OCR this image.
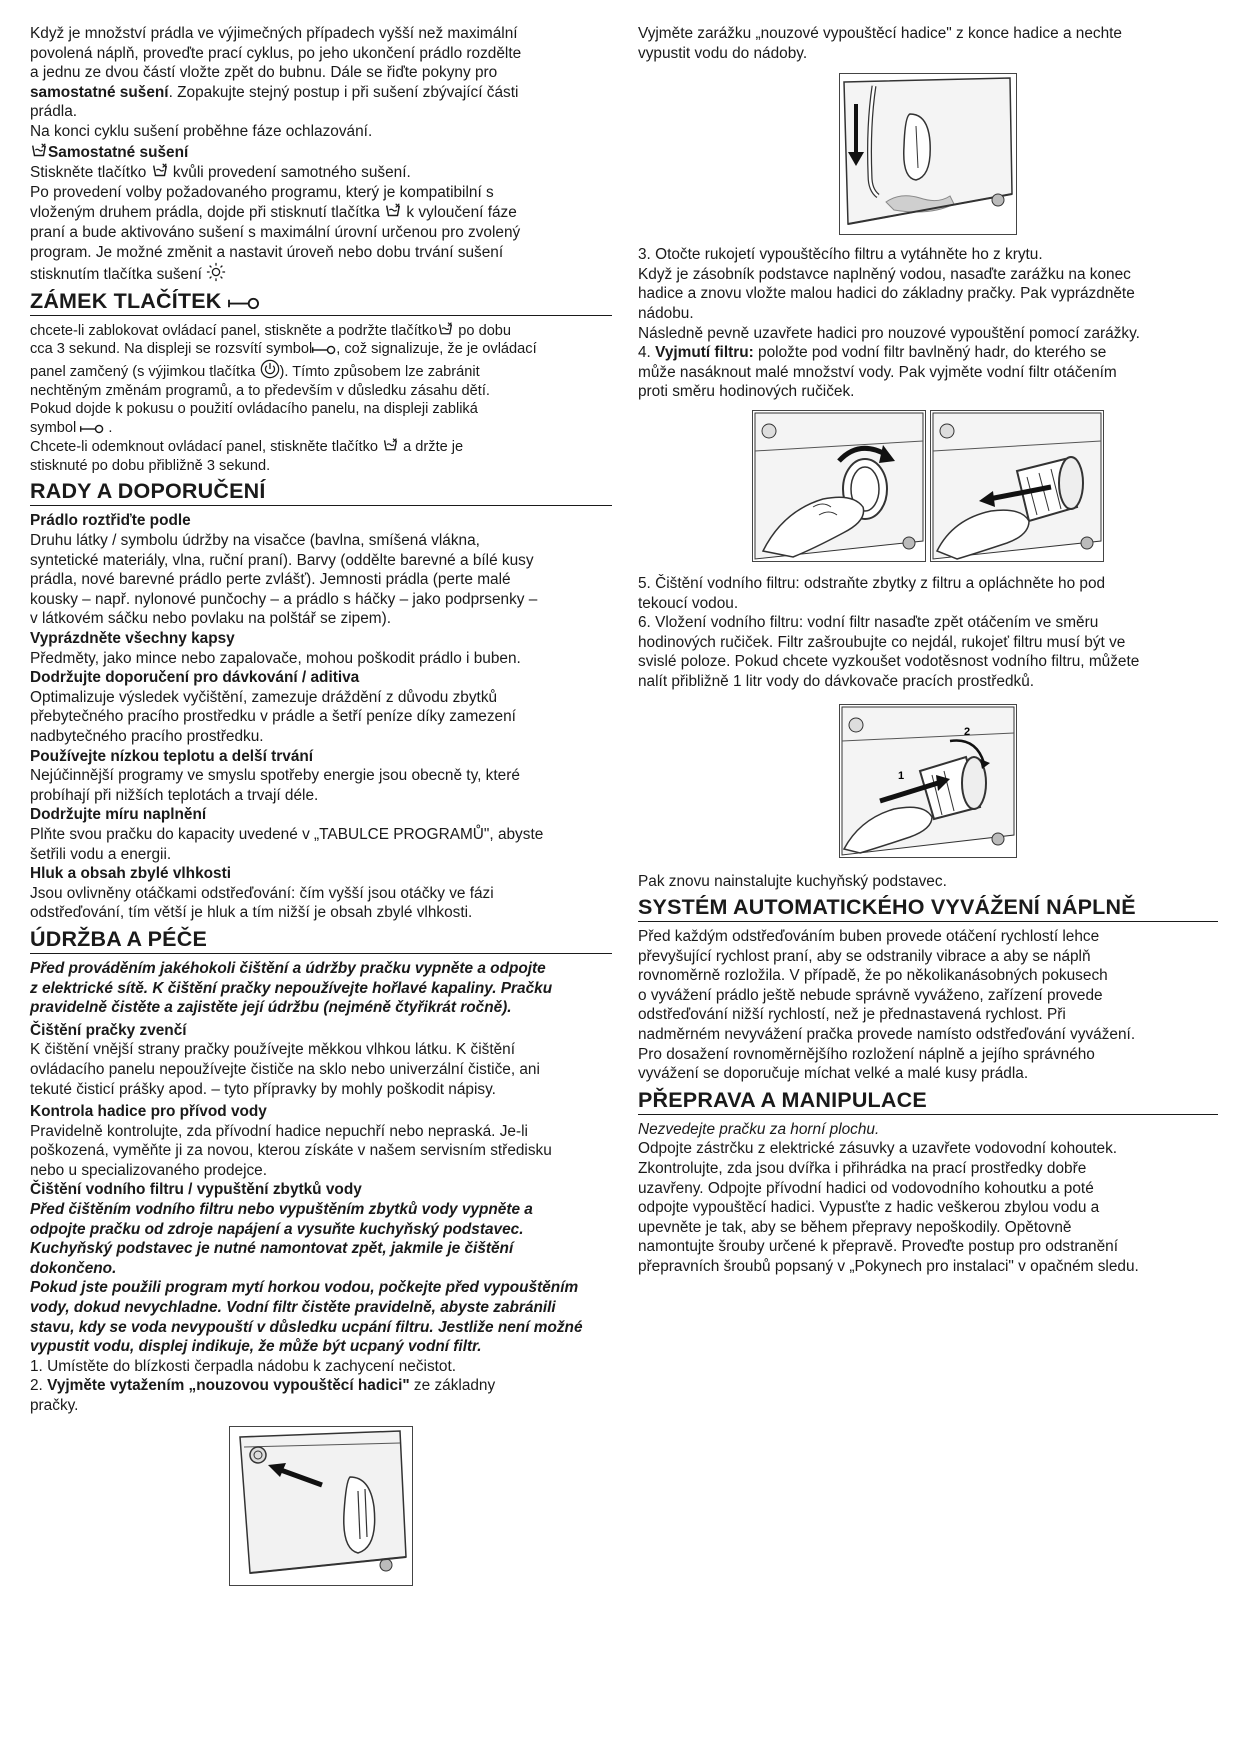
Když je množství prádla ve výjimečných případech vyšší než maximální

povolená náplň, proveďte prací cyklus, po jeho ukončení prádlo rozdělte

a jednu ze dvou částí vložte zpět do bubnu. Dále se řiďte pokyny pro

samostatné sušení. Zopakujte stejný postup i při sušení zbývající části

prádla.

Na konci cyklu sušení proběhne fáze ochlazování.

Samostatné sušení

Stiskněte tlačítko  kvůli provedení samotného sušení.

Po provedení volby požadovaného programu, který je kompatibilní s

vloženým druhem prádla, dojde při stisknutí tlačítka  k vyloučení fáze

praní a bude aktivováno sušení s maximální úrovní určenou pro zvolený

program. Je možné změnit a nastavit úroveň nebo dobu trvání sušení

stisknutím tlačítka sušení

ZÁMEK TLAČÍTEK

chcete-li zablokovat ovládací panel, stiskněte a podržte tlačítko po dobu

cca 3 sekund. Na displeji se rozsvítí symbol , což signalizuje, že je ovládací

panel zamčený (s výjimkou tlačítka ). Tímto způsobem lze zabránit

nechtěným změnám programů, a to především v důsledku zásahu dětí.

Pokud dojde k pokusu o použití ovládacího panelu, na displeji zabliká

symbol  .

Chcete-li odemknout ovládací panel, stiskněte tlačítko  a držte je

stisknuté po dobu přibližně 3 sekund.

RADY A DOPORUČENÍ

Prádlo roztřiďte podle

Druhu látky / symbolu údržby na visačce (bavlna, smíšená vlákna,

syntetické materiály, vlna, ruční praní). Barvy (oddělte barevné a bílé kusy

prádla, nové barevné prádlo perte zvlášť). Jemnosti prádla (perte malé

kousky – např. nylonové punčochy – a prádlo s háčky – jako podprsenky –

v látkovém sáčku nebo povlaku na polštář se zipem).

Vyprázdněte všechny kapsy

Předměty, jako mince nebo zapalovače, mohou poškodit prádlo i buben.

Dodržujte doporučení pro dávkování / aditiva

Optimalizuje výsledek vyčištění, zamezuje dráždění z důvodu zbytků

přebytečného pracího prostředku v prádle a šetří peníze díky zamezení

nadbytečného pracího prostředku.

Používejte nízkou teplotu a delší trvání

Nejúčinnější programy ve smyslu spotřeby energie jsou obecně ty, které

probíhají při nižších teplotách a trvají déle.

Dodržujte míru naplnění

Plňte svou pračku do kapacity uvedené v „TABULCE PROGRAMŮ", abyste

šetřili vodu a energii.

Hluk a obsah zbylé vlhkosti

Jsou ovlivněny otáčkami odstřeďování: čím vyšší jsou otáčky ve fázi

odstřeďování, tím větší je hluk a tím nižší je obsah zbylé vlhkosti.

ÚDRŽBA A PÉČE

Před prováděním jakéhokoli čištění a údržby pračku vypněte a odpojte

z elektrické sítě. K čištění pračky nepoužívejte hořlavé kapaliny. Pračku

pravidelně čistěte a zajistěte její údržbu (nejméně čtyřikrát ročně).

Čištění pračky zvenčí

K čištění vnější strany pračky používejte měkkou vlhkou látku. K čištění

ovládacího panelu nepoužívejte čističe na sklo nebo univerzální čističe, ani

tekuté čisticí prášky apod. – tyto přípravky by mohly poškodit nápisy.

Kontrola hadice pro přívod vody

Pravidelně kontrolujte, zda přívodní hadice nepuchří nebo nepraská. Je-li

poškozená, vyměňte ji za novou, kterou získáte v našem servisním středisku

nebo u specializovaného prodejce.

Čištění vodního filtru / vypuštění zbytků vody

Před čištěním vodního filtru nebo vypuštěním zbytků vody vypněte a

odpojte pračku od zdroje napájení a vysuňte kuchyňský podstavec.

Kuchyňský podstavec je nutné namontovat zpět, jakmile je čištění

dokončeno.

Pokud jste použili program mytí horkou vodou, počkejte před vypouštěním

vody, dokud nevychladne. Vodní filtr čistěte pravidelně, abyste zabránili

stavu, kdy se voda nevypouští v důsledku ucpání filtru. Jestliže není možné

vypustit vodu, displej indikuje, že může být ucpaný vodní filtr.

1. Umístěte do blízkosti čerpadla nádobu k zachycení nečistot.

2. Vyjměte vytažením „nouzovou vypouštěcí hadici" ze základny

pračky.

Vyjměte zarážku „nouzové vypouštěcí hadice" z konce hadice a nechte

vypustit vodu do nádoby.

3. Otočte rukojetí vypouštěcího filtru a vytáhněte ho z krytu.

Když je zásobník podstavce naplněný vodou, nasaďte zarážku na konec

hadice a znovu vložte malou hadici do základny pračky. Pak vyprázdněte

nádobu.

Následně pevně uzavřete hadici pro nouzové vypouštění pomocí zarážky.

4. Vyjmutí filtru: položte pod vodní filtr bavlněný hadr, do kterého se

může nasáknout malé množství vody. Pak vyjměte vodní filtr otáčením

proti směru hodinových ručiček.

5. Čištění vodního filtru: odstraňte zbytky z filtru a opláchněte ho pod

tekoucí vodou.

6. Vložení vodního filtru: vodní filtr nasaďte zpět otáčením ve směru

hodinových ručiček. Filtr zašroubujte co nejdál, rukojeť filtru musí být ve

svislé poloze. Pokud chcete vyzkoušet vodotěsnost vodního filtru, můžete

nalít přibližně 1 litr vody do dávkovače pracích prostředků.

1
2

Pak znovu nainstalujte kuchyňský podstavec.

SYSTÉM AUTOMATICKÉHO VYVÁŽENÍ NÁPLNĚ

Před každým odstřeďováním buben provede otáčení rychlostí lehce

převyšující rychlost praní, aby se odstranily vibrace a aby se náplň

rovnoměrně rozložila. V případě, že po několikanásobných pokusech

o vyvážení prádlo ještě nebude správně vyváženo, zařízení provede

odstřeďování nižší rychlostí, než je přednastavená rychlost. Při

nadměrném nevyvážení pračka provede namísto odstřeďování vyvážení.

Pro dosažení rovnoměrnějšího rozložení náplně a jejího správného

vyvážení se doporučuje míchat velké a malé kusy prádla.

PŘEPRAVA A MANIPULACE

Nezvedejte pračku za horní plochu.

Odpojte zástrčku z elektrické zásuvky a uzavřete vodovodní kohoutek.

Zkontrolujte, zda jsou dvířka i přihrádka na prací prostředky dobře

uzavřeny. Odpojte přívodní hadici od vodovodního kohoutku a poté

odpojte vypouštěcí hadici. Vypusťte z hadic veškerou zbylou vodu a

upevněte je tak, aby se během přepravy nepoškodily. Opětovně

namontujte šrouby určené k přepravě. Proveďte postup pro odstranění

přepravních šroubů popsaný v „Pokynech pro instalaci" v opačném sledu.
